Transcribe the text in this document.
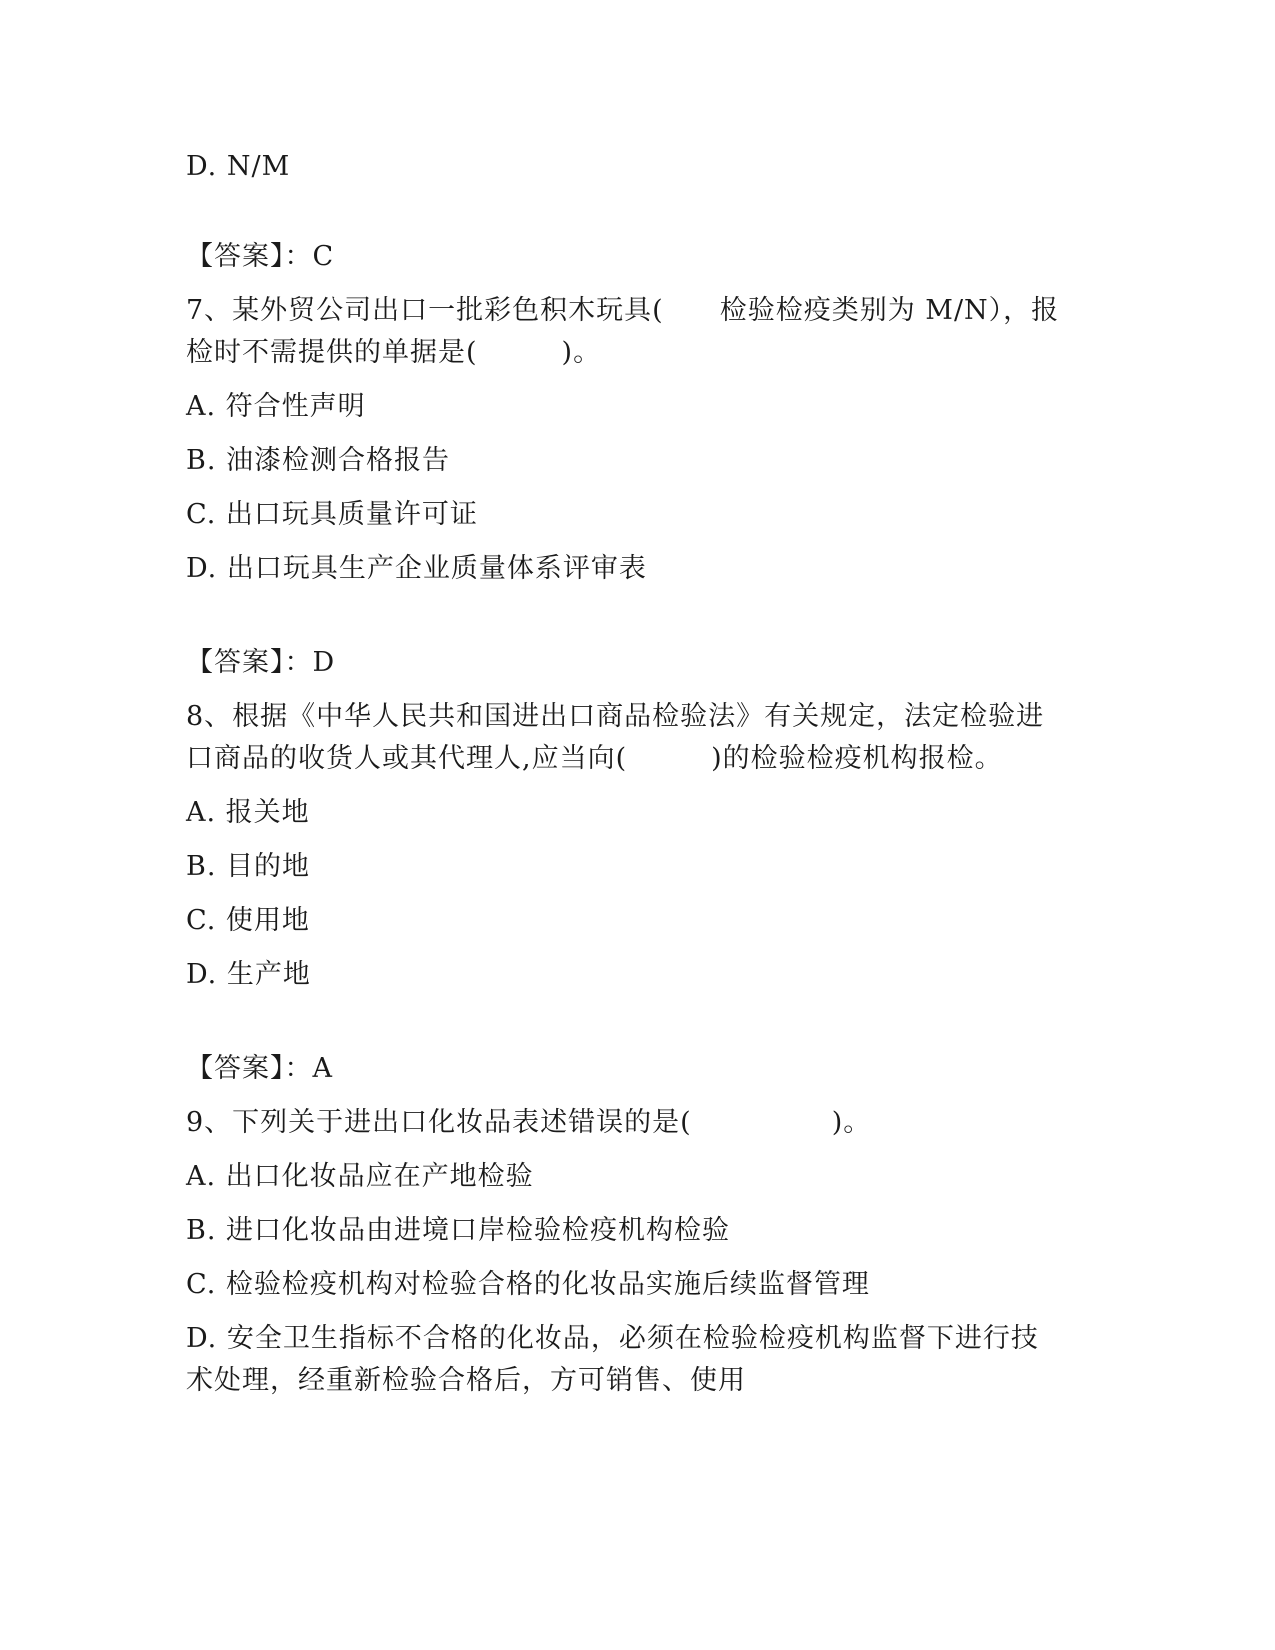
D. N/M
【答案】：C
7、某外贸公司出口一批彩色积木玩具(　　检验检疫类别为 M/N），报
检时不需提供的单据是(　　　)。
A. 符合性声明
B. 油漆检测合格报告
C. 出口玩具质量许可证
D. 出口玩具生产企业质量体系评审表
【答案】：D
8、根据《中华人民共和国进出口商品检验法》有关规定，法定检验进
口商品的收货人或其代理人,应当向(　　　)的检验检疫机构报检。
A. 报关地
B. 目的地
C. 使用地
D. 生产地
【答案】：A
9、下列关于进出口化妆品表述错误的是(　　　　　)。
A. 出口化妆品应在产地检验
B. 进口化妆品由进境口岸检验检疫机构检验
C. 检验检疫机构对检验合格的化妆品实施后续监督管理
D. 安全卫生指标不合格的化妆品，必须在检验检疫机构监督下进行技
术处理，经重新检验合格后，方可销售、使用
